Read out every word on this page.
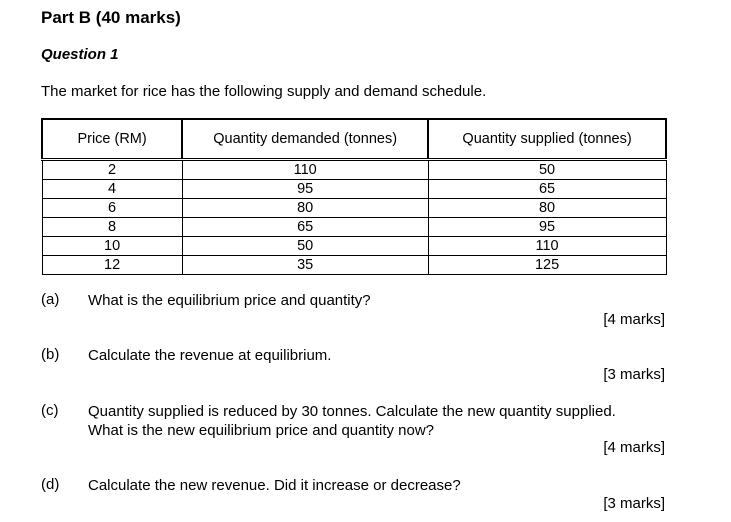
Part B (40 marks)
Question 1

The market for rice has the following supply and demand schedule.

Price (RM)	Quantity demanded (tonnes)	Quantity supplied (tonnes)
2	110	50
4	95	65
6	80	80
8	65	95
10	50	110
12	35	125
(a) What is the equilibrium price and quantity?
[4 marks]
(b) Calculate the revenue at equilibrium.
[3 marks]
(c) Quantity supplied is reduced by 30 tonnes. Calculate the new quantity supplied.
What is the new equilibrium price and quantity now?
[4 marks]
(d) Calculate the new revenue. Did it increase or decrease?
[3 marks]
